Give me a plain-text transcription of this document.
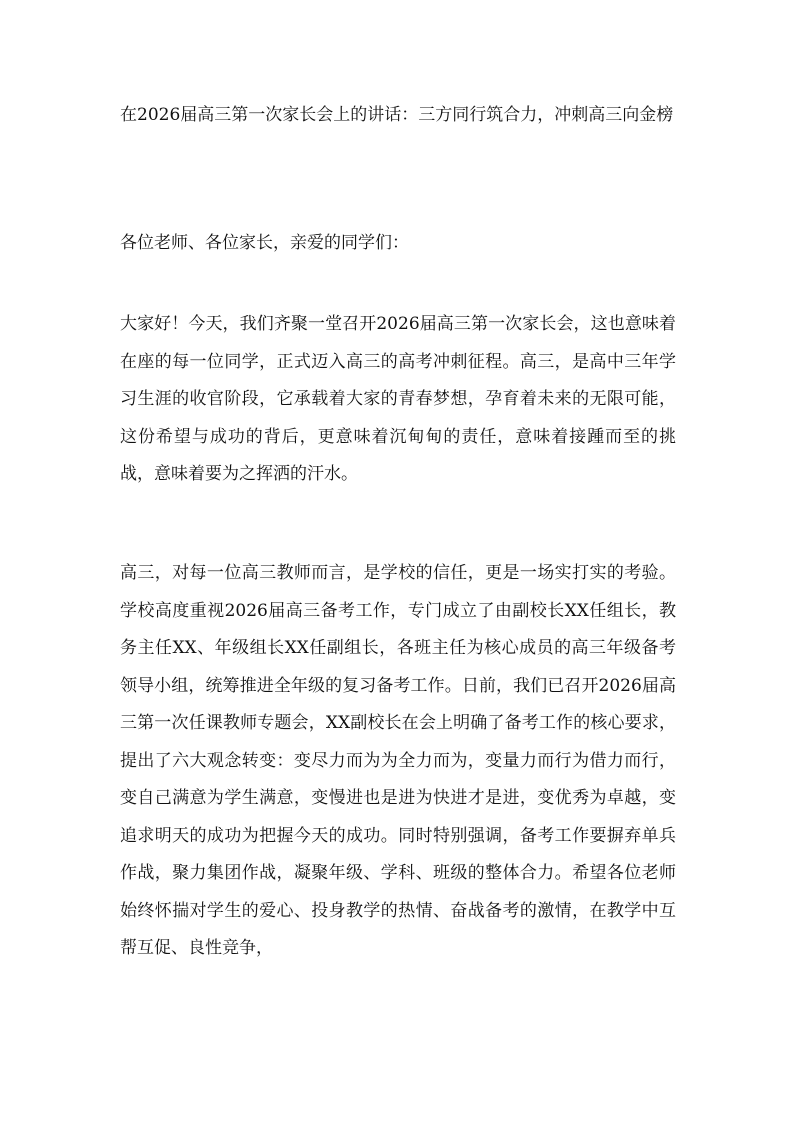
在2026届高三第一次家长会上的讲话：三方同行筑合力，冲刺高三向金榜

各位老师、各位家长，亲爱的同学们：

大家好！今天，我们齐聚一堂召开2026届高三第一次家长会，这也意味着在座的每一位同学，正式迈入高三的高考冲刺征程。高三，是高中三年学习生涯的收官阶段，它承载着大家的青春梦想，孕育着未来的无限可能，这份希望与成功的背后，更意味着沉甸甸的责任，意味着接踵而至的挑战，意味着要为之挥洒的汗水。

高三，对每一位高三教师而言，是学校的信任，更是一场实打实的考验。学校高度重视2026届高三备考工作，专门成立了由副校长XX任组长，教务主任XX、年级组长XX任副组长，各班主任为核心成员的高三年级备考领导小组，统筹推进全年级的复习备考工作。日前，我们已召开2026届高三第一次任课教师专题会，XX副校长在会上明确了备考工作的核心要求，提出了六大观念转变：变尽力而为为全力而为，变量力而行为借力而行，变自己满意为学生满意，变慢进也是进为快进才是进，变优秀为卓越，变追求明天的成功为把握今天的成功。同时特别强调，备考工作要摒弃单兵作战，聚力集团作战，凝聚年级、学科、班级的整体合力。希望各位老师始终怀揣对学生的爱心、投身教学的热情、奋战备考的激情，在教学中互帮互促、良性竞争，
